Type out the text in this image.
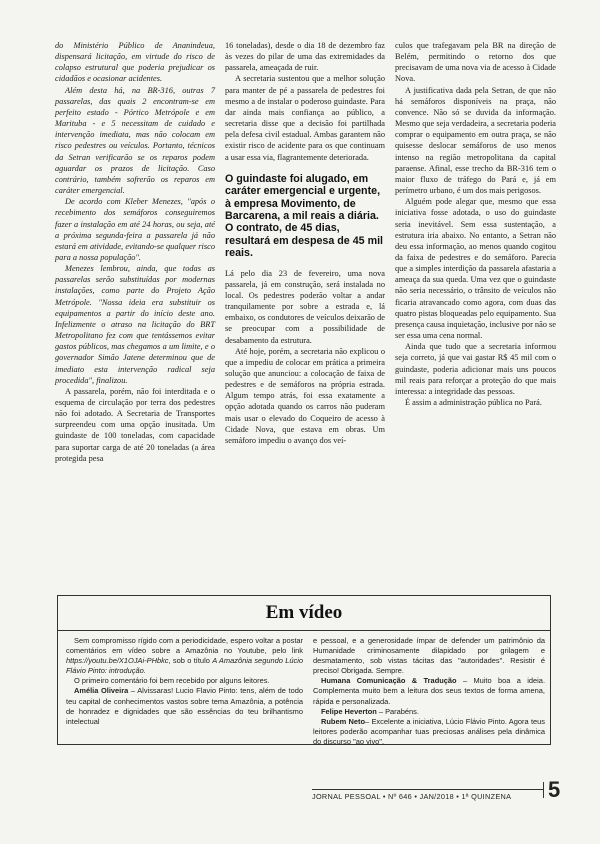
do Ministério Público de Ananindeua, dispensará licitação, em virtude do risco de colapso estrutural que poderia prejudicar os cidadãos e ocasionar acidentes.

Além desta há, na BR-316, outras 7 passarelas, das quais 2 encontram-se em perfeito estado - Pórtico Metrópole e em Marituba - e 5 necessitam de cuidado e intervenção imediata, mas não colocam em risco pedestres ou veículos. Portanto, técnicos da Setran verificarão se os reparos podem aguardar os prazos de licitação. Caso contrário, também sofrerão os reparos em caráter emergencial.

De acordo com Kleber Menezes, "após o recebimento dos semáforos conseguiremos fazer a instalação em até 24 horas, ou seja, até a próxima segunda-feira a passarela já não estará em atividade, evitando-se qualquer risco para a nossa população".

Menezes lembrou, ainda, que todas as passarelas serão substituídas por modernas instalações, como parte do Projeto Ação Metrópole. "Nossa ideia era substituir os equipamentos a partir do início deste ano. Infelizmente o atraso na licitação do BRT Metropolitano fez com que tentássemos evitar gastos públicos, mas chegamos a um limite, e o governador Simão Jatene determinou que de imediato esta intervenção radical seja procedida", finalizou.

A passarela, porém, não foi interditada e o esquema de circulação por terra dos pedestres não foi adotado. A Secretaria de Transportes surpreendeu com uma opção inusitada. Um guindaste de 100 toneladas, com capacidade para suportar carga de até 20 toneladas (a área protegida pesa

16 toneladas), desde o dia 18 de dezembro faz às vezes do pilar de uma das extremidades da passarela, ameaçada de ruir.

A secretaria sustentou que a melhor solução para manter de pé a passarela de pedestres foi mesmo a de instalar o poderoso guindaste. Para dar ainda mais confiança ao público, a secretaria disse que a decisão foi partilhada pela defesa civil estadual. Ambas garantem não existir risco de acidente para os que continuam a usar essa via, flagrantemente deteriorada.

O guindaste foi alugado, em caráter emergencial e urgente, à empresa Movimento, de Barcarena, a mil reais a diária. O contrato, de 45 dias, resultará em despesa de 45 mil reais.

Lá pelo dia 23 de fevereiro, uma nova passarela, já em construção, será instalada no local. Os pedestres poderão voltar a andar tranquilamente por sobre a estrada e, lá embaixo, os condutores de veículos deixarão de se preocupar com a possibilidade de desabamento da estrutura.

Até hoje, porém, a secretaria não explicou o que a impediu de colocar em prática a primeira solução que anunciou: a colocação de faixa de pedestres e de semáforos na própria estrada. Algum tempo atrás, foi essa exatamente a opção adotada quando os carros não puderam mais usar o elevado do Coqueiro de acesso à Cidade Nova, que estava em obras. Um semáforo impediu o avanço dos veí-

culos que trafegavam pela BR na direção de Belém, permitindo o retorno dos que precisavam de uma nova via de acesso à Cidade Nova.

A justificativa dada pela Setran, de que não há semáforos disponíveis na praça, não convence. Não só se duvida da informação. Mesmo que seja verdadeira, a secretaria poderia comprar o equipamento em outra praça, se não quisesse deslocar semáforos de uso menos intenso na região metropolitana da capital paraense. Afinal, esse trecho da BR-316 tem o maior fluxo de tráfego do Pará e, já em perímetro urbano, é um dos mais perigosos.

Alguém pode alegar que, mesmo que essa iniciativa fosse adotada, o uso do guindaste seria inevitável. Sem essa sustentação, a estrutura iria abaixo. No entanto, a Setran não deu essa informação, ao menos quando cogitou da faixa de pedestres e do semáforo. Parecia que a simples interdição da passarela afastaria a ameaça da sua queda. Uma vez que o guindaste não seria necessário, o trânsito de veículos não ficaria atravancado como agora, com duas das quatro pistas bloqueadas pelo equipamento. Sua presença causa inquietação, inclusive por não se ser essa uma cena normal.

Ainda que tudo que a secretaria informou seja correto, já que vai gastar R$ 45 mil com o guindaste, poderia adicionar mais uns poucos mil reais para reforçar a proteção do que mais interessa: a integridade das pessoas.

É assim a administração pública no Pará.

Em vídeo

Sem compromisso rígido com a periodicidade, espero voltar a postar comentários em vídeo sobre a Amazônia no Youtube, pelo link https://youtu.be/X1OJAi-PHbkc, sob o título A Amazônia segundo Lúcio Flávio Pinto: introdução.

O primeiro comentário foi bem recebido por alguns leitores.

Amélia Oliveira – Alvissaras! Lucio Flavio Pinto: tens, além de todo teu capital de conhecimentos vastos sobre tema Amazônia, a potência de honradez e dignidades que são essências do teu brilhantismo intelectual

e pessoal, e a generosidade ímpar de defender um patrimônio da Humanidade criminosamente dilapidado por grilagem e desmatamento, sob vistas tácitas das "autoridades". Resistir é preciso! Obrigada. Sempre.

Humana Comunicação & Tradução – Muito boa a ideia. Complementa muito bem a leitura dos seus textos de forma amena, rápida e personalizada.

Felipe Heverton – Parabéns.

Rubem Neto– Excelente a iniciativa, Lúcio Flávio Pinto. Agora teus leitores poderão acompanhar tuas preciosas análises pela dinâmica do discurso "ao vivo".

JORNAL PESSOAL • Nº 646 • JAN/2018 • 1ª QUINZENA	5
